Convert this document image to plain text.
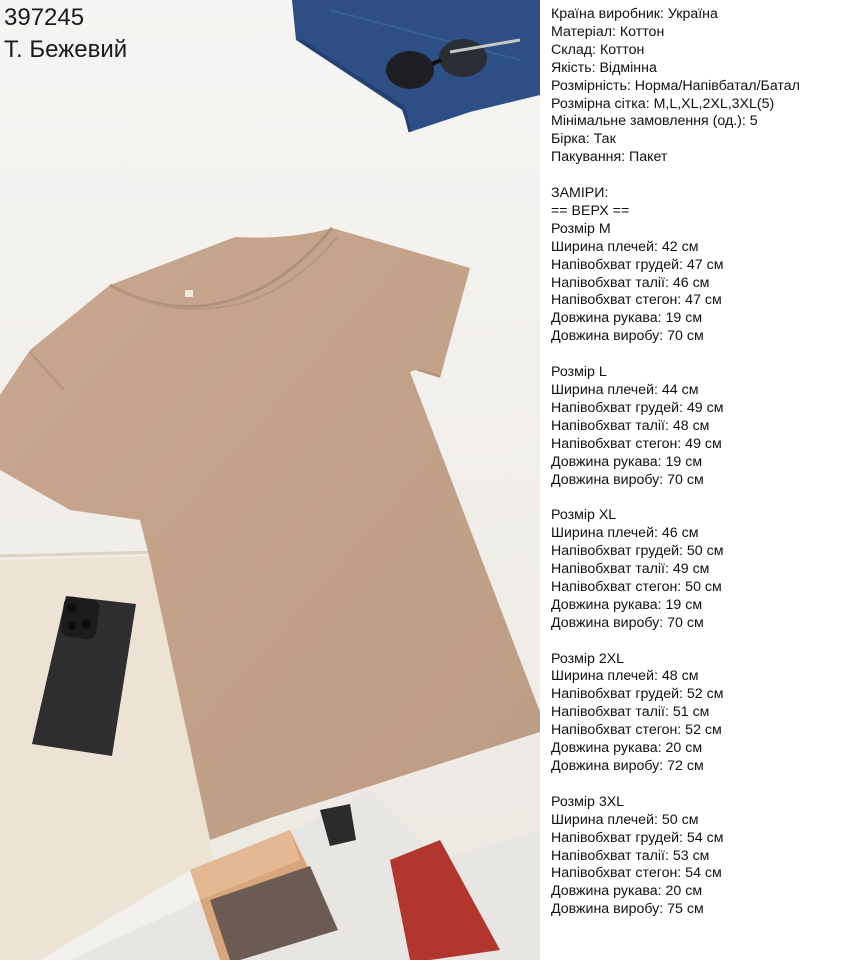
397245
Т. Бежевий
Країна виробник: Україна
Матеріал: Коттон
Склад: Коттон
Якість: Відмінна
Розмірність: Норма/Напівбатал/Батал
Розмірна сітка: M,L,XL,2XL,3XL(5)
Мінімальне замовлення (од.): 5
Бірка: Так
Пакування: Пакет
ЗАМІРИ:
== ВЕРХ ==
Розмір M
Ширина плечей: 42 см
Напівобхват грудей: 47 см
Напівобхват талії: 46 см
Напівобхват стегон: 47 см
Довжина рукава: 19 см
Довжина виробу: 70 см
Розмір L
Ширина плечей: 44 см
Напівобхват грудей: 49 см
Напівобхват талії: 48 см
Напівобхват стегон: 49 см
Довжина рукава: 19 см
Довжина виробу: 70 см
Розмір XL
Ширина плечей: 46 см
Напівобхват грудей: 50 см
Напівобхват талії: 49 см
Напівобхват стегон: 50 см
Довжина рукава: 19 см
Довжина виробу: 70 см
Розмір 2XL
Ширина плечей: 48 см
Напівобхват грудей: 52 см
Напівобхват талії: 51 см
Напівобхват стегон: 52 см
Довжина рукава: 20 см
Довжина виробу: 72 см
Розмір 3XL
Ширина плечей: 50 см
Напівобхват грудей: 54 см
Напівобхват талії: 53 см
Напівобхват стегон: 54 см
Довжина рукава: 20 см
Довжина виробу: 75 см
